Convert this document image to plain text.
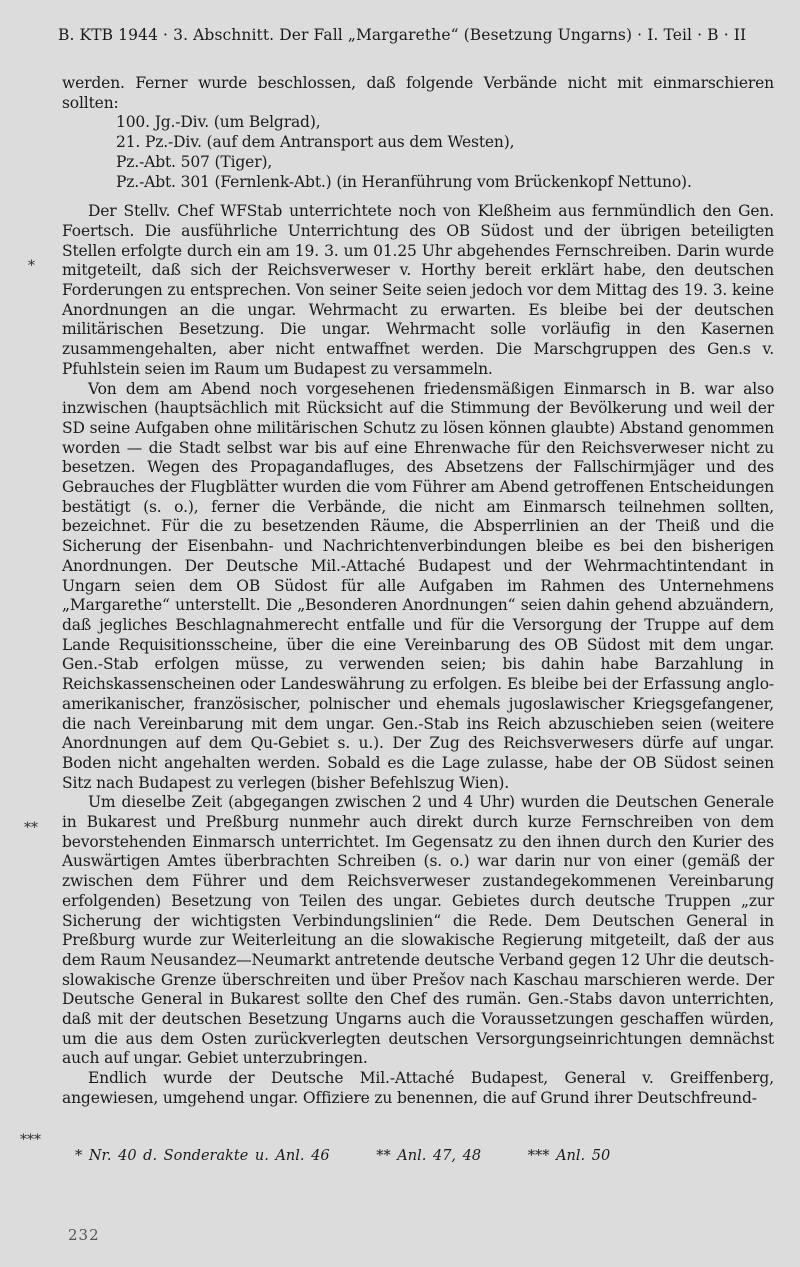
B. KTB 1944 · 3. Abschnitt. Der Fall „Margarethe“ (Besetzung Ungarns) · I. Teil · B · II

werden. Ferner wurde beschlossen, daß folgende Verbände nicht mit einmarschieren sollten:

100. Jg.-Div. (um Belgrad),
21. Pz.-Div. (auf dem Antransport aus dem Westen),
Pz.-Abt. 507 (Tiger),
Pz.-Abt. 301 (Fernlenk-Abt.) (in Heranführung vom Brückenkopf Nettuno).

Der Stellv. Chef WFStab unterrichtete noch von Kleßheim aus fernmündlich den Gen. Foertsch. Die ausführliche Unterrichtung des OB Südost und der übrigen beteiligten Stellen erfolgte durch ein am 19. 3. um 01.25 Uhr abgehendes Fernschreiben. Darin wurde mitgeteilt, daß sich der Reichsverweser v. Horthy bereit erklärt habe, den deutschen Forderungen zu entsprechen. Von seiner Seite seien jedoch vor dem Mittag des 19. 3. keine Anordnungen an die ungar. Wehrmacht zu erwarten. Es bleibe bei der deutschen militärischen Besetzung. Die ungar. Wehrmacht solle vorläufig in den Kasernen zusammengehalten, aber nicht entwaffnet werden. Die Marschgruppen des Gen.s v. Pfuhlstein seien im Raum um Budapest zu versammeln.

Von dem am Abend noch vorgesehenen friedensmäßigen Einmarsch in B. war also inzwischen (hauptsächlich mit Rücksicht auf die Stimmung der Bevölkerung und weil der SD seine Aufgaben ohne militärischen Schutz zu lösen können glaubte) Abstand genommen worden — die Stadt selbst war bis auf eine Ehrenwache für den Reichsverweser nicht zu besetzen. Wegen des Propagandafluges, des Absetzens der Fallschirmjäger und des Gebrauches der Flugblätter wurden die vom Führer am Abend getroffenen Entscheidungen bestätigt (s. o.), ferner die Verbände, die nicht am Einmarsch teilnehmen sollten, bezeichnet. Für die zu besetzenden Räume, die Absperrlinien an der Theiß und die Sicherung der Eisenbahn- und Nachrichtenverbindungen bleibe es bei den bisherigen Anordnungen. Der Deutsche Mil.-Attaché Budapest und der Wehrmachtintendant in Ungarn seien dem OB Südost für alle Aufgaben im Rahmen des Unternehmens „Margarethe“ unterstellt. Die „Besonderen Anordnungen“ seien dahin gehend abzuändern, daß jegliches Beschlagnahmerecht entfalle und für die Versorgung der Truppe auf dem Lande Requisitionsscheine, über die eine Vereinbarung des OB Südost mit dem ungar. Gen.-Stab erfolgen müsse, zu verwenden seien; bis dahin habe Barzahlung in Reichskassenscheinen oder Landeswährung zu erfolgen. Es bleibe bei der Erfassung anglo-amerikanischer, französischer, polnischer und ehemals jugoslawischer Kriegsgefangener, die nach Vereinbarung mit dem ungar. Gen.-Stab ins Reich abzuschieben seien (weitere Anordnungen auf dem Qu-Gebiet s. u.). Der Zug des Reichsverwesers dürfe auf ungar. Boden nicht angehalten werden. Sobald es die Lage zulasse, habe der OB Südost seinen Sitz nach Budapest zu verlegen (bisher Befehlszug Wien).

Um dieselbe Zeit (abgegangen zwischen 2 und 4 Uhr) wurden die Deutschen Generale in Bukarest und Preßburg nunmehr auch direkt durch kurze Fernschreiben von dem bevorstehenden Einmarsch unterrichtet. Im Gegensatz zu den ihnen durch den Kurier des Auswärtigen Amtes überbrachten Schreiben (s. o.) war darin nur von einer (gemäß der zwischen dem Führer und dem Reichsverweser zustandegekommenen Vereinbarung erfolgenden) Besetzung von Teilen des ungar. Gebietes durch deutsche Truppen „zur Sicherung der wichtigsten Verbindungslinien“ die Rede. Dem Deutschen General in Preßburg wurde zur Weiterleitung an die slowakische Regierung mitgeteilt, daß der aus dem Raum Neusandez—Neumarkt antretende deutsche Verband gegen 12 Uhr die deutsch-slowakische Grenze überschreiten und über Prešov nach Kaschau marschieren werde. Der Deutsche General in Bukarest sollte den Chef des rumän. Gen.-Stabs davon unterrichten, daß mit der deutschen Besetzung Ungarns auch die Voraussetzungen geschaffen würden, um die aus dem Osten zurückverlegten deutschen Versorgungseinrichtungen demnächst auch auf ungar. Gebiet unterzubringen.

Endlich wurde der Deutsche Mil.-Attaché Budapest, General v. Greiffenberg, angewiesen, umgehend ungar. Offiziere zu benennen, die auf Grund ihrer Deutschfreund-

*
**
***
* Nr. 40 d. Sonderakte u. Anl. 46	** Anl. 47, 48	*** Anl. 50
232
